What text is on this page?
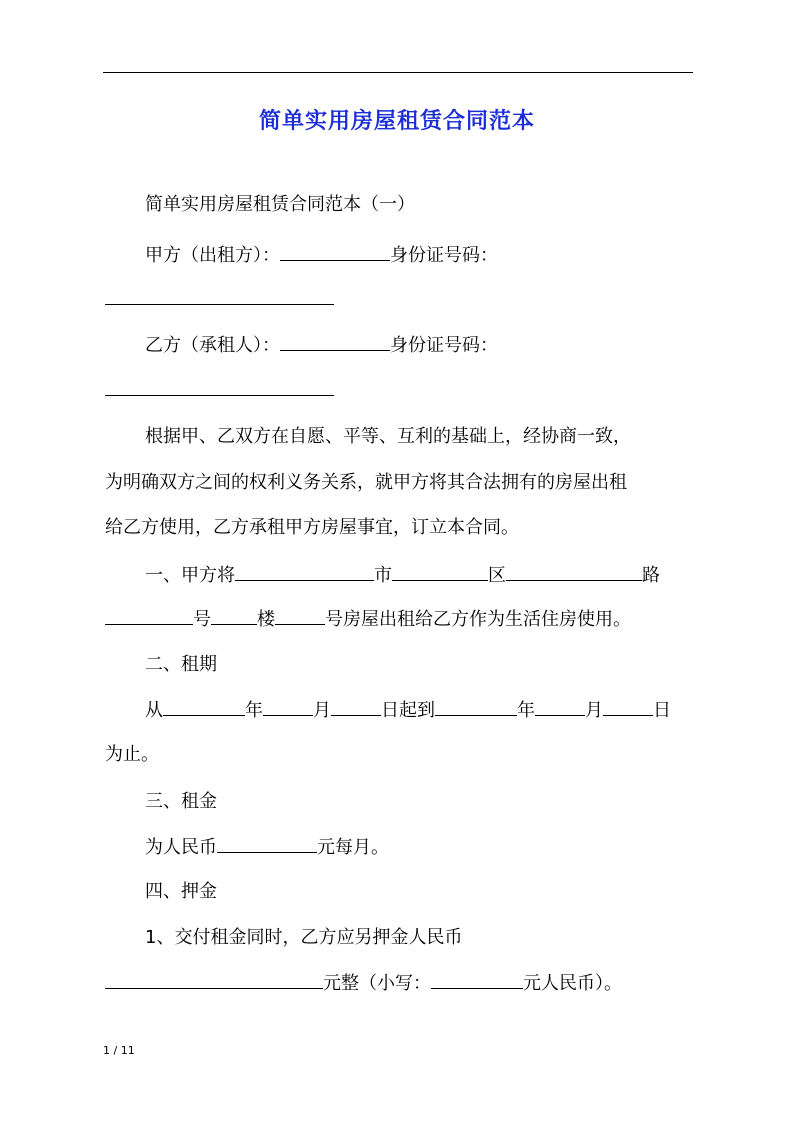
简单实用房屋租赁合同范本
简单实用房屋租赁合同范本（一）
甲方（出租方）：	身份证号码：
乙方（承租人）：	身份证号码：
根据甲、乙双方在自愿、平等、互利的基础上，经协商一致，
为明确双方之间的权利义务关系，就甲方将其合法拥有的房屋出租
给乙方使用，乙方承租甲方房屋事宜，订立本合同。
一、甲方将	市	区	路
号	楼	号房屋出租给乙方作为生活住房使用。
二、租期
从	年	月	日起到	年	月	日
为止。
三、租金
为人民币	元每月。
四、押金
1、交付租金同时，乙方应另押金人民币
元整（小写：	元人民币）。
1 / 11
